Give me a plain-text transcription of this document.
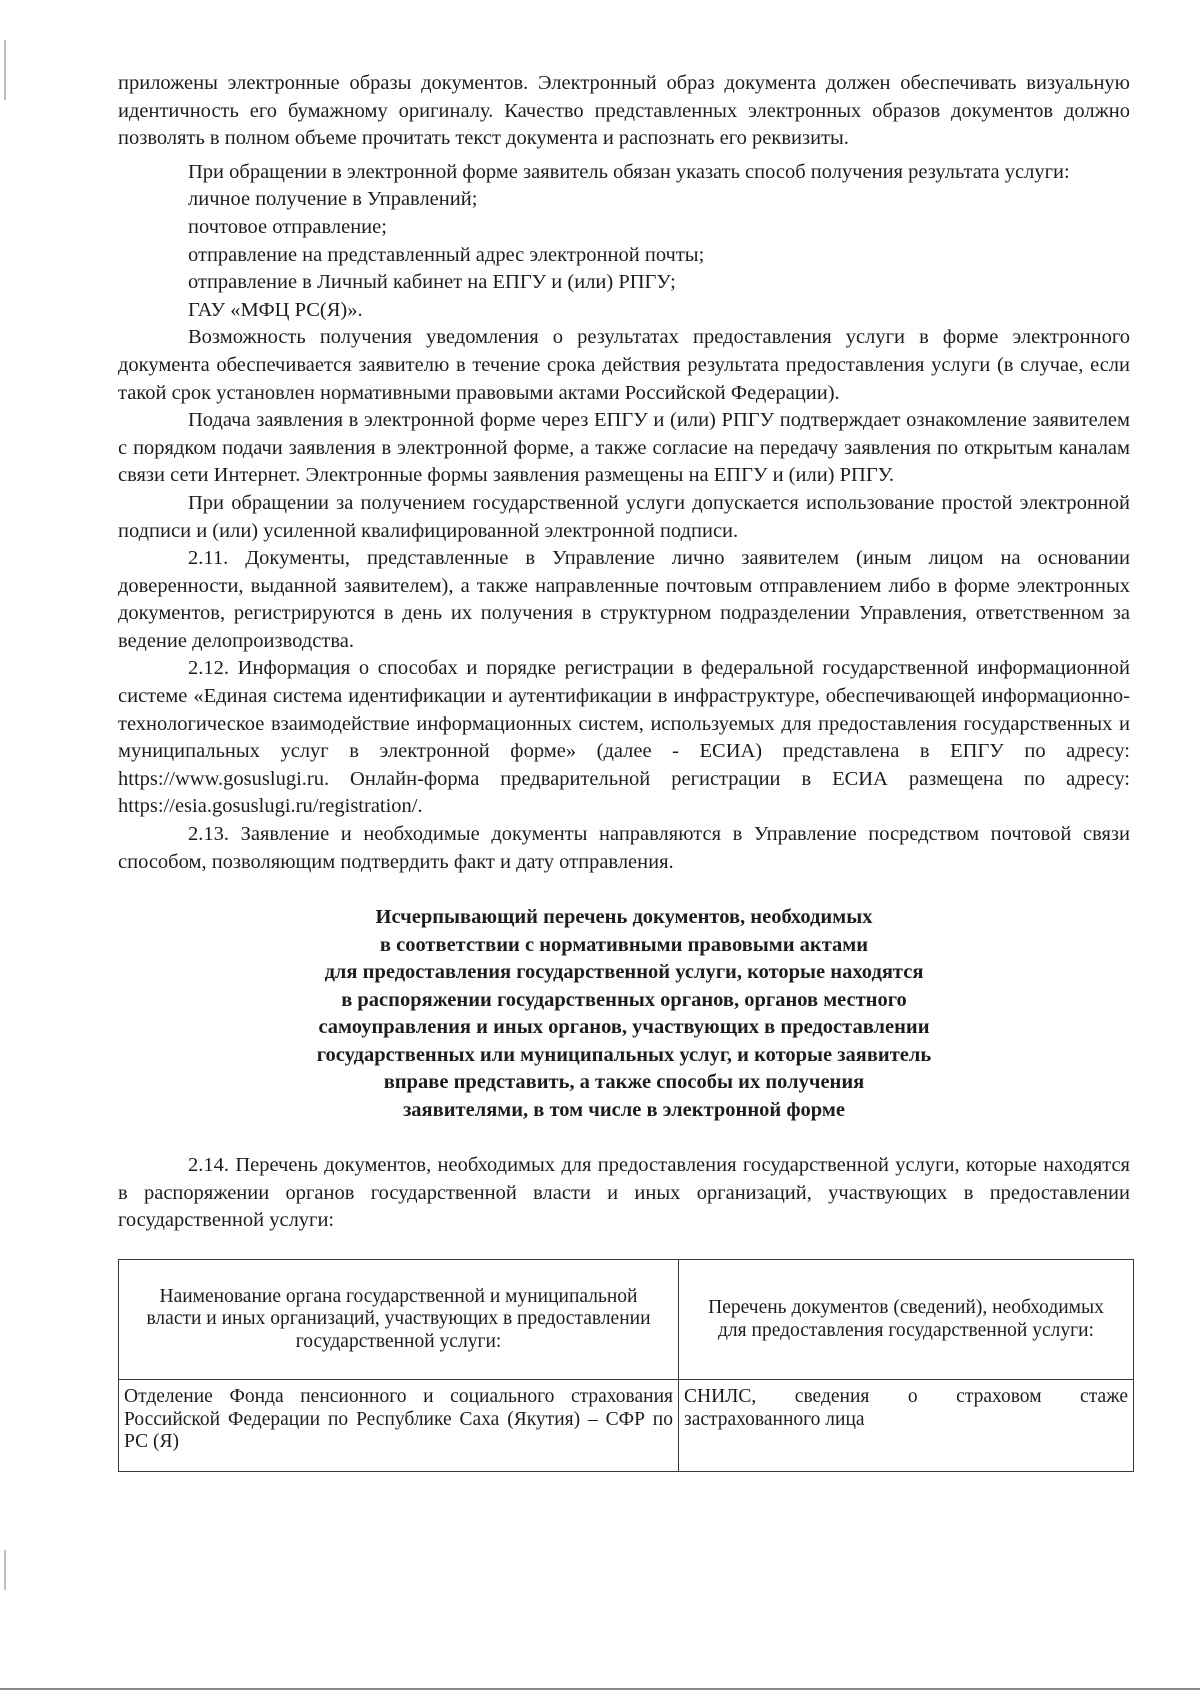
приложены электронные образы документов. Электронный образ документа должен обеспечивать визуальную идентичность его бумажному оригиналу. Качество представленных электронных образов документов должно позволять в полном объеме прочитать текст документа и распознать его реквизиты.

При обращении в электронной форме заявитель обязан указать способ получения результата услуги:

личное получение в Управлений;

почтовое отправление;

отправление на представленный адрес электронной почты;

отправление в Личный кабинет на ЕПГУ и (или) РПГУ;

ГАУ «МФЦ РС(Я)».

Возможность получения уведомления о результатах предоставления услуги в форме электронного документа обеспечивается заявителю в течение срока действия результата предоставления услуги (в случае, если такой срок установлен нормативными правовыми актами Российской Федерации).

Подача заявления в электронной форме через ЕПГУ и (или) РПГУ подтверждает ознакомление заявителем с порядком подачи заявления в электронной форме, а также согласие на передачу заявления по открытым каналам связи сети Интернет. Электронные формы заявления размещены на ЕПГУ и (или) РПГУ.

При обращении за получением государственной услуги допускается использование простой электронной подписи и (или) усиленной квалифицированной электронной подписи.

2.11. Документы, представленные в Управление лично заявителем (иным лицом на основании доверенности, выданной заявителем), а также направленные почтовым отправлением либо в форме электронных документов, регистрируются в день их получения в структурном подразделении Управления, ответственном за ведение делопроизводства.

2.12. Информация о способах и порядке регистрации в федеральной государственной информационной системе «Единая система идентификации и аутентификации в инфраструктуре, обеспечивающей информационно-технологическое взаимодействие информационных систем, используемых для предоставления государственных и муниципальных услуг в электронной форме» (далее - ЕСИА) представлена в ЕПГУ по адресу: https://www.gosuslugi.ru. Онлайн-форма предварительной регистрации в ЕСИА размещена по адресу: https://esia.gosuslugi.ru/registration/.

2.13. Заявление и необходимые документы направляются в Управление посредством почтовой связи способом, позволяющим подтвердить факт и дату отправления.

Исчерпывающий перечень документов, необходимых
в соответствии с нормативными правовыми актами
для предоставления государственной услуги, которые находятся
в распоряжении государственных органов, органов местного
самоуправления и иных органов, участвующих в предоставлении
государственных или муниципальных услуг, и которые заявитель
вправе представить, а также способы их получения
заявителями, в том числе в электронной форме

2.14. Перечень документов, необходимых для предоставления государственной услуги, которые находятся в распоряжении органов государственной власти и иных организаций, участвующих в предоставлении государственной услуги:

Наименование органа государственной и муниципальной власти и иных организаций, участвующих в предоставлении государственной услуги:	Перечень документов (сведений), необходимых для предоставления государственной услуги:
Отделение Фонда пенсионного и социального страхования Российской Федерации по Республике Саха (Якутия) – СФР по РС (Я)	СНИЛС, сведения о страховом стаже застрахованного лица
